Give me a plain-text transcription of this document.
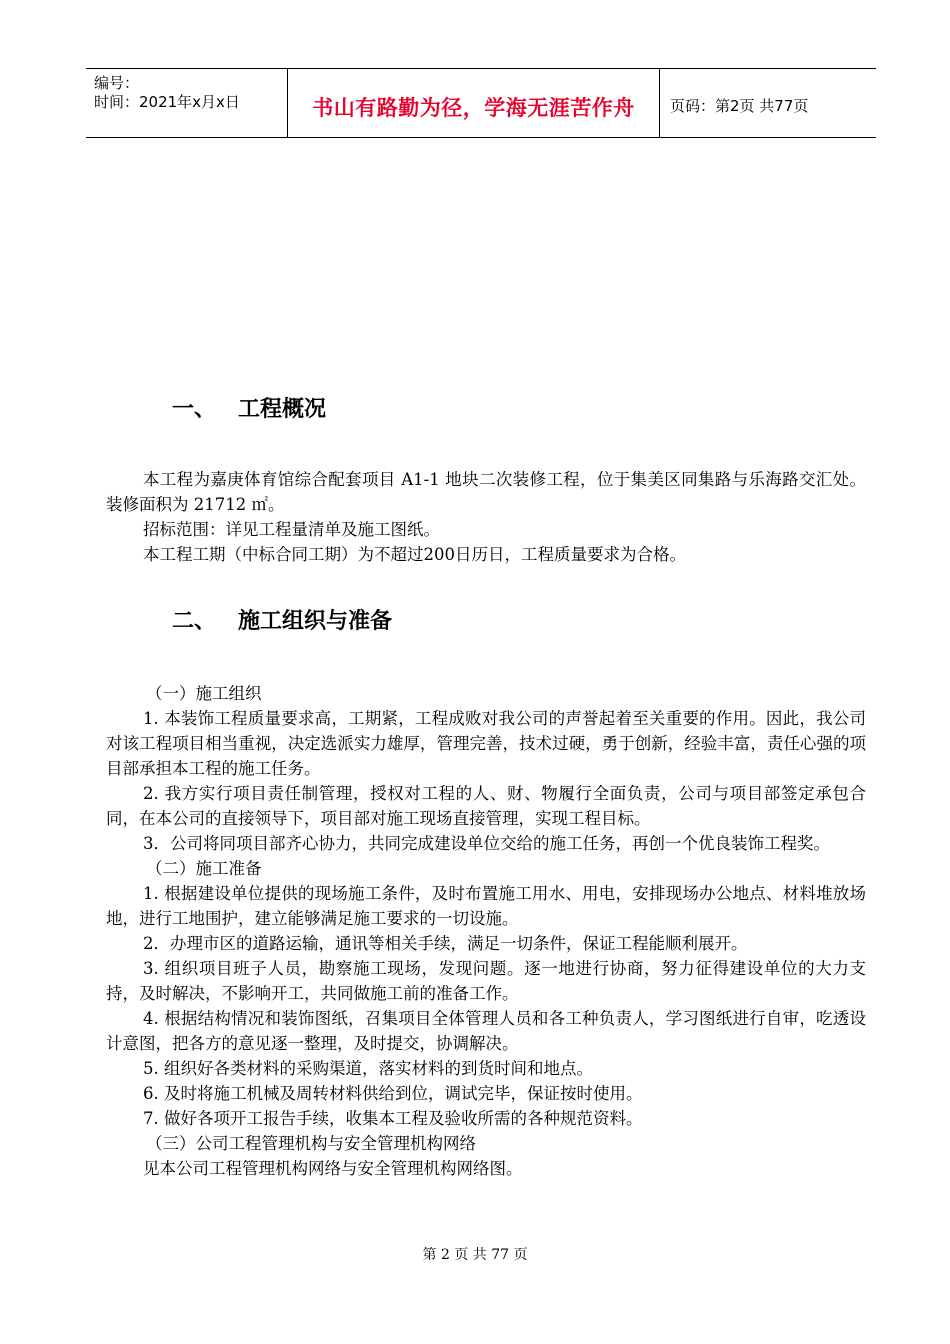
编号：
时间：2021年x月x日	书山有路勤为径，学海无涯苦作舟	页码：第2页 共77页
一、 工程概况

本工程为嘉庚体育馆综合配套项目 A1-1 地块二次装修工程，位于集美区同集路与乐海路交汇处。装修面积为 21712 ㎡。

招标范围：详见工程量清单及施工图纸。

本工程工期（中标合同工期）为不超过200日历日，工程质量要求为合格。

二、 施工组织与准备

（一）施工组织

1. 本装饰工程质量要求高，工期紧，工程成败对我公司的声誉起着至关重要的作用。因此，我公司对该工程项目相当重视，决定选派实力雄厚，管理完善，技术过硬，勇于创新，经验丰富，责任心强的项目部承担本工程的施工任务。

2. 我方实行项目责任制管理，授权对工程的人、财、物履行全面负责，公司与项目部签定承包合同，在本公司的直接领导下，项目部对施工现场直接管理，实现工程目标。

3．公司将同项目部齐心协力，共同完成建设单位交给的施工任务，再创一个优良装饰工程奖。

（二）施工准备

1. 根据建设单位提供的现场施工条件，及时布置施工用水、用电，安排现场办公地点、材料堆放场地，进行工地围护，建立能够满足施工要求的一切设施。

2．办理市区的道路运输，通讯等相关手续，满足一切条件，保证工程能顺利展开。

3. 组织项目班子人员，勘察施工现场，发现问题。逐一地进行协商，努力征得建设单位的大力支持，及时解决，不影响开工，共同做施工前的准备工作。

4. 根据结构情况和装饰图纸，召集项目全体管理人员和各工种负责人，学习图纸进行自审，吃透设计意图，把各方的意见逐一整理，及时提交，协调解决。

5. 组织好各类材料的采购渠道，落实材料的到货时间和地点。

6. 及时将施工机械及周转材料供给到位，调试完毕，保证按时使用。

7. 做好各项开工报告手续，收集本工程及验收所需的各种规范资料。

（三）公司工程管理机构与安全管理机构网络

见本公司工程管理机构网络与安全管理机构网络图。

第 2 页 共 77 页
